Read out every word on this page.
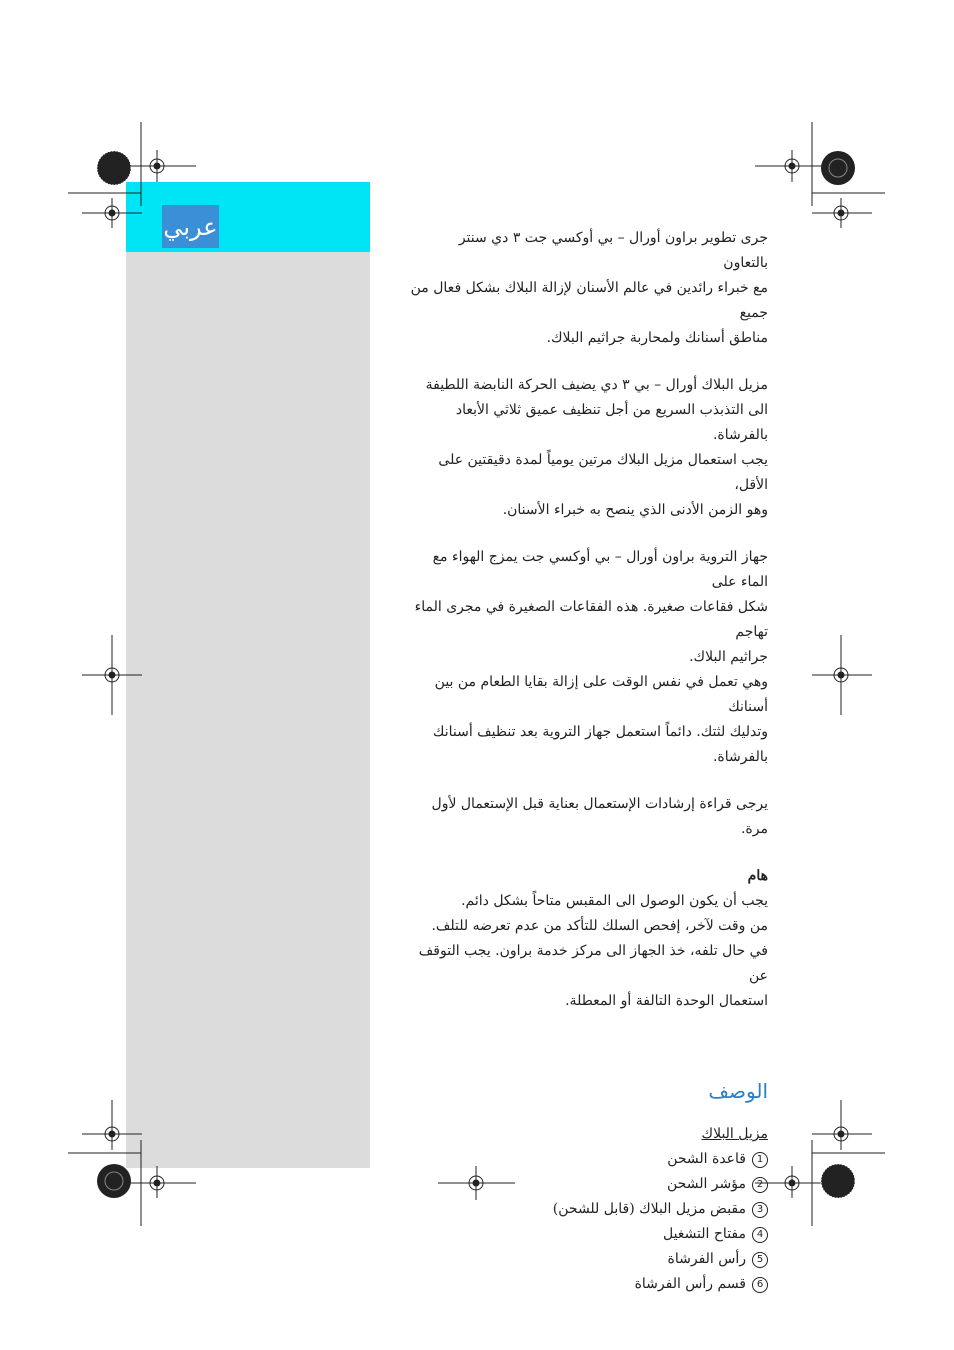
عربي	جرى تطوير براون أورال – بي أوكسي جت ٣ دي سنتر بالتعاون
مع خبراء رائدين في عالم الأسنان لإزالة البلاك بشكل فعال من جميع
مناطق أسنانك ولمحاربة جراثيم البلاك.

مزيل البلاك أورال – بي ٣ دي يضيف الحركة النابضة اللطيفة
الى التذبذب السريع من أجل تنظيف عميق ثلاثي الأبعاد بالفرشاة.
يجب استعمال مزيل البلاك مرتين يومياً لمدة دقيقتين على الأقل،
وهو الزمن الأدنى الذي ينصح به خبراء الأسنان.

جهاز التروية براون أورال – بي أوكسي جت يمزج الهواء مع الماء على
شكل فقاعات صغيرة. هذه الفقاعات الصغيرة في مجرى الماء تهاجم
جراثيم البلاك.
وهي تعمل في نفس الوقت على إزالة بقايا الطعام من بين أسنانك
وتدليك لثتك. دائماً استعمل جهاز التروية بعد تنظيف أسنانك
بالفرشاة.

يرجى قراءة إرشادات الإستعمال بعناية قبل الإستعمال لأول مرة.

هام

يجب أن يكون الوصول الى المقبس متاحاً بشكل دائم.
من وقت لآخر، إفحص السلك للتأكد من عدم تعرضه للتلف.
في حال تلفه، خذ الجهاز الى مركز خدمة براون. يجب التوقف عن
استعمال الوحدة التالفة أو المعطلة.

الوصف

مزيل البلاك

1
قاعدة الشحن
2
مؤشر الشحن
3
مقبض مزيل البلاك (قابل للشحن)
4
مفتاح التشغيل
5
رأس الفرشاة
6
قسم رأس الفرشاة
